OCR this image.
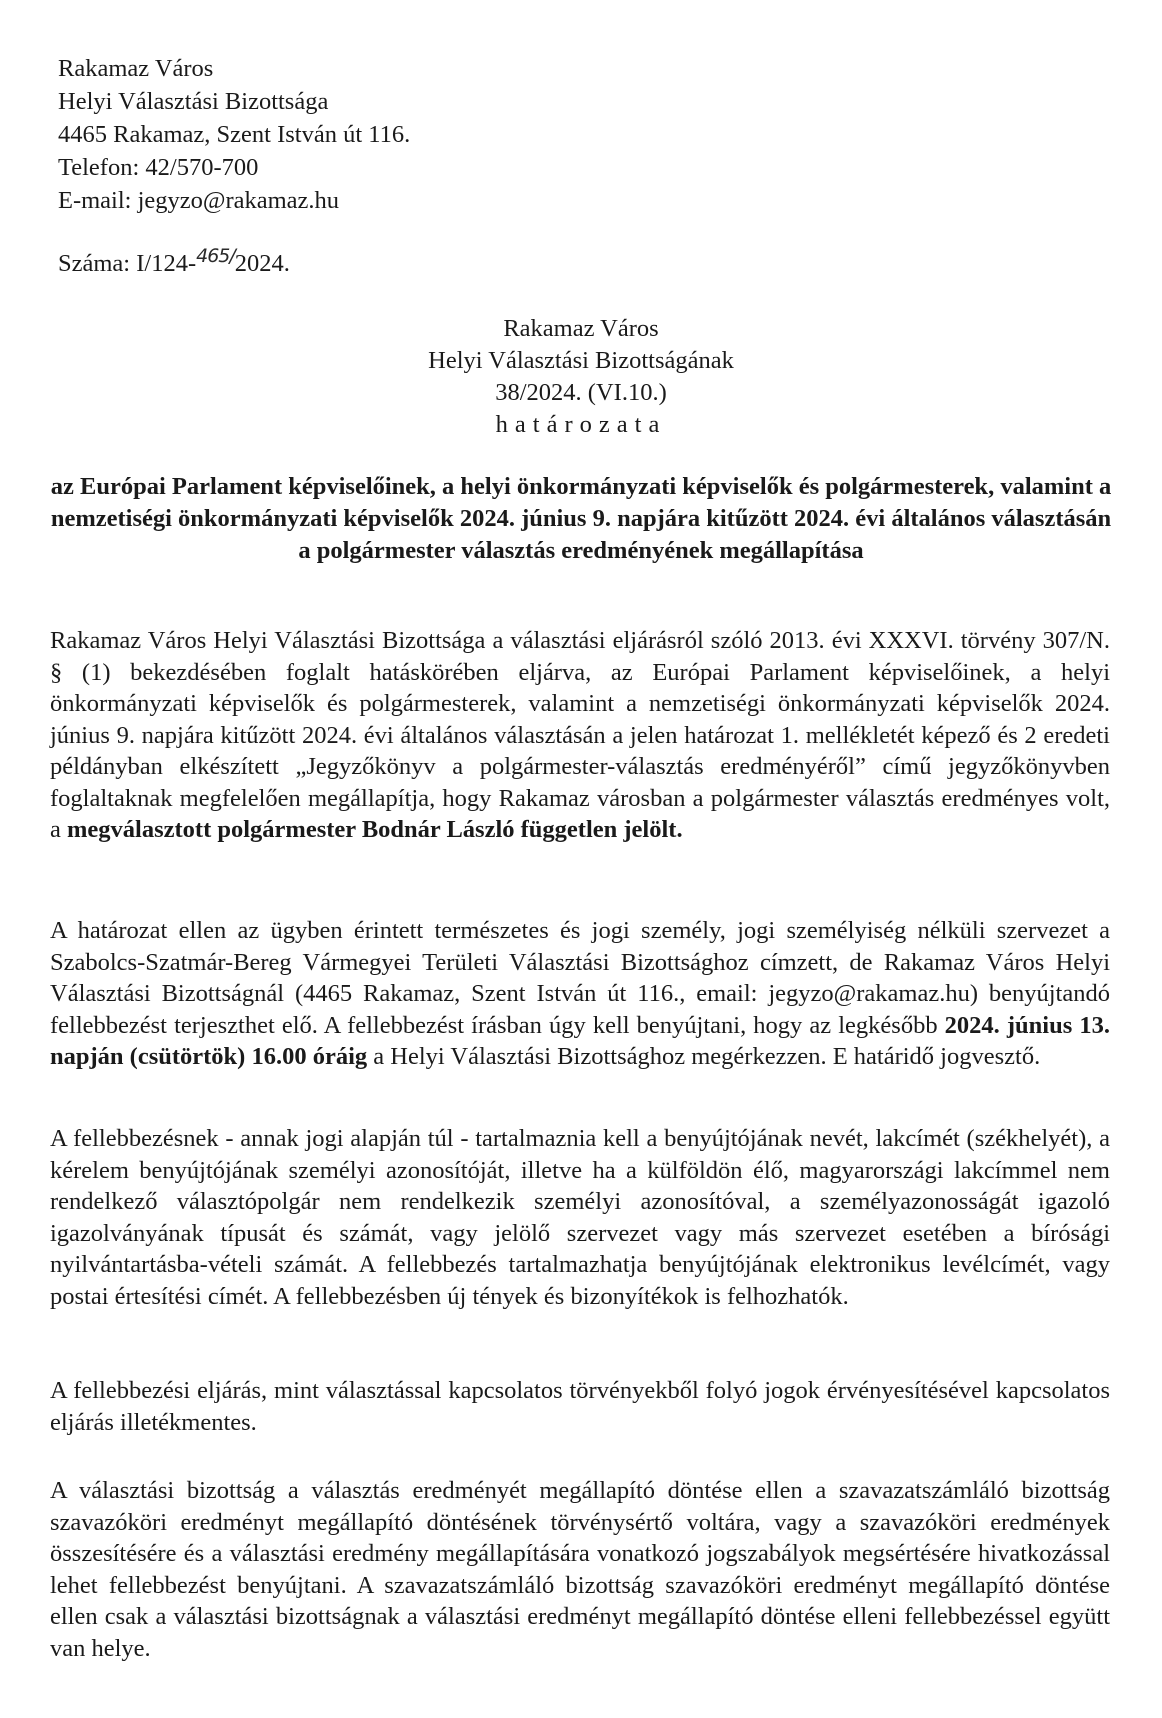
Rakamaz Város
Helyi Választási Bizottsága
4465 Rakamaz, Szent István út 116.
Telefon: 42/570-700
E-mail: jegyzo@rakamaz.hu
Száma: I/124-$^{465/}$2024.
Rakamaz Város
Helyi Választási Bizottságának
38/2024. (VI.10.)
határozata
az Európai Parlament képviselőinek, a helyi önkormányzati képviselők és polgármesterek, valamint a nemzetiségi önkormányzati képviselők 2024. június 9. napjára kitűzött 2024. évi általános választásán a polgármester választás eredményének megállapítása
Rakamaz Város Helyi Választási Bizottsága a választási eljárásról szóló 2013. évi XXXVI. törvény 307/N. § (1) bekezdésében foglalt hatáskörében eljárva, az Európai Parlament képviselőinek, a helyi önkormányzati képviselők és polgármesterek, valamint a nemzetiségi önkormányzati képviselők 2024. június 9. napjára kitűzött 2024. évi általános választásán a jelen határozat 1. mellékletét képező és 2 eredeti példányban elkészített „Jegyzőkönyv a polgármester-választás eredményéről” című jegyzőkönyvben foglaltaknak megfelelően megállapítja, hogy Rakamaz városban a polgármester választás eredményes volt, a megválasztott polgármester Bodnár László független jelölt.
A határozat ellen az ügyben érintett természetes és jogi személy, jogi személyiség nélküli szervezet a Szabolcs-Szatmár-Bereg Vármegyei Területi Választási Bizottsághoz címzett, de Rakamaz Város Helyi Választási Bizottságnál (4465 Rakamaz, Szent István út 116., email: jegyzo@rakamaz.hu) benyújtandó fellebbezést terjeszthet elő. A fellebbezést írásban úgy kell benyújtani, hogy az legkésőbb 2024. június 13. napján (csütörtök) 16.00 óráig a Helyi Választási Bizottsághoz megérkezzen. E határidő jogvesztő.
A fellebbezésnek - annak jogi alapján túl - tartalmaznia kell a benyújtójának nevét, lakcímét (székhelyét), a kérelem benyújtójának személyi azonosítóját, illetve ha a külföldön élő, magyarországi lakcímmel nem rendelkező választópolgár nem rendelkezik személyi azonosítóval, a személyazonosságát igazoló igazolványának típusát és számát, vagy jelölő szervezet vagy más szervezet esetében a bírósági nyilvántartásba-vételi számát. A fellebbezés tartalmazhatja benyújtójának elektronikus levélcímét, vagy postai értesítési címét. A fellebbezésben új tények és bizonyítékok is felhozhatók.
A fellebbezési eljárás, mint választással kapcsolatos törvényekből folyó jogok érvényesítésével kapcsolatos eljárás illetékmentes.
A választási bizottság a választás eredményét megállapító döntése ellen a szavazatszámláló bizottság szavazóköri eredményt megállapító döntésének törvénysértő voltára, vagy a szavazóköri eredmények összesítésére és a választási eredmény megállapítására vonatkozó jogszabályok megsértésére hivatkozással lehet fellebbezést benyújtani. A szavazatszámláló bizottság szavazóköri eredményt megállapító döntése ellen csak a választási bizottságnak a választási eredményt megállapító döntése elleni fellebbezéssel együtt van helye.
